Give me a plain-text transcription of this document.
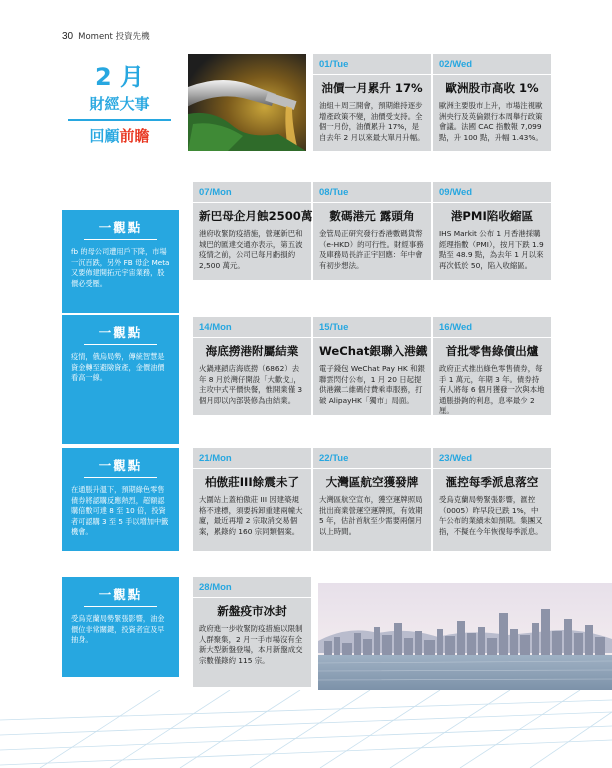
30 Moment 投資先機
2 月
財經大事
回顧前瞻
一觀點
fb 的母公司遭用戶下降，市場一沉百跌，另外 FB 母企 Meta 又要佈建開拓元宇宙業務，股價必受壓。
一觀點
疫情，俄烏局勢，傳統智慧是資金轉至避險資產，金價油價看高一線。
一觀點
在通脹升溫下，預期綠色零售債券將認購反應熱烈，超額認購倍數可達 8 至 10 倍，投資者可認購 3 至 5 手以增加中籤機會。
一觀點
受烏克蘭局勢緊張影響，油金價位非常關鍵，投資者宜及早抽身。
01/Tue
油價一月累升 17%
油組＋周三開會，預期維持逐步增產政策不變，油價受支持。全個一月份，油價累升 17%，是自去年 2 月以來最大單月升幅。
02/Wed
歐洲股市高收 1%
歐洲主要股市上升，市場注視歐洲央行及英倫銀行本周舉行政策會議。法國 CAC 指數報 7,099 點，升 100 點，升幅 1.43%。
07/Mon
新巴母企月蝕2500萬
港府收緊防疫措施，營運新巴和城巴的匯達交通亦表示，第五波疫情之前，公司已每月虧損約 2,500 萬元。
08/Tue
數碼港元 露頭角
金管局正研究發行香港數碼貨幣（e-HKD）的可行性。財經事務及庫務局長許正宇回應：年中會有初步想法。
09/Wed
港PMI陷收縮區
IHS Markit 公布 1 月香港採購經理指數（PMI），按月下跌 1.9 點至 48.9 點，為去年 1 月以來再次低於 50，陷入收縮區。
14/Mon
海底撈港附屬結業
火鍋連鎖店海底撈（6862）去年 8 月於灣仔開設「大歡戈」，主攻中式平價快餐，惟開業僅 3 個月即以內部裝修為由結業。
15/Tue
WeChat銀聯入港鐵
電子錢包 WeChat Pay HK 和銀聯雲閃付公布，1 月 20 日起提供港鐵二維碼付費乘車服務，打破 AlipayHK「獨市」局面。
16/Wed
首批零售綠債出爐
政府正式推出綠色零售債券，每手 1 萬元，年期 3 年。債券持有人將每 6 個月獲發一次與本地通脹掛鉤的利息，息率最少 2 厘。
21/Mon
柏傲莊III餘震未了
大圍站上蓋柏傲莊 III 因建築規格不達標，須要拆卸重建兩幢大廈，最近再增 2 宗取消交易個案，累錄約 160 宗同類個案。
22/Tue
大灣區航空獲發牌
大灣區航空宣布，獲空運牌照局批出商業營運空運牌照，有效期 5 年，估計首航至少需要兩個月以上時間。
23/Wed
滙控每季派息落空
受烏克蘭局勢緊張影響，滙控（0005）昨早段已跌 1%，中午公布的業績未如預期。集團又指，不擬在今年恢復每季派息。
28/Mon
新盤疫市冰封
政府進一步收緊防疫措施以限制人群聚集，2 月一手市場沒有全新大型新盤登場，本月新盤成交宗數僅錄約 115 宗。
